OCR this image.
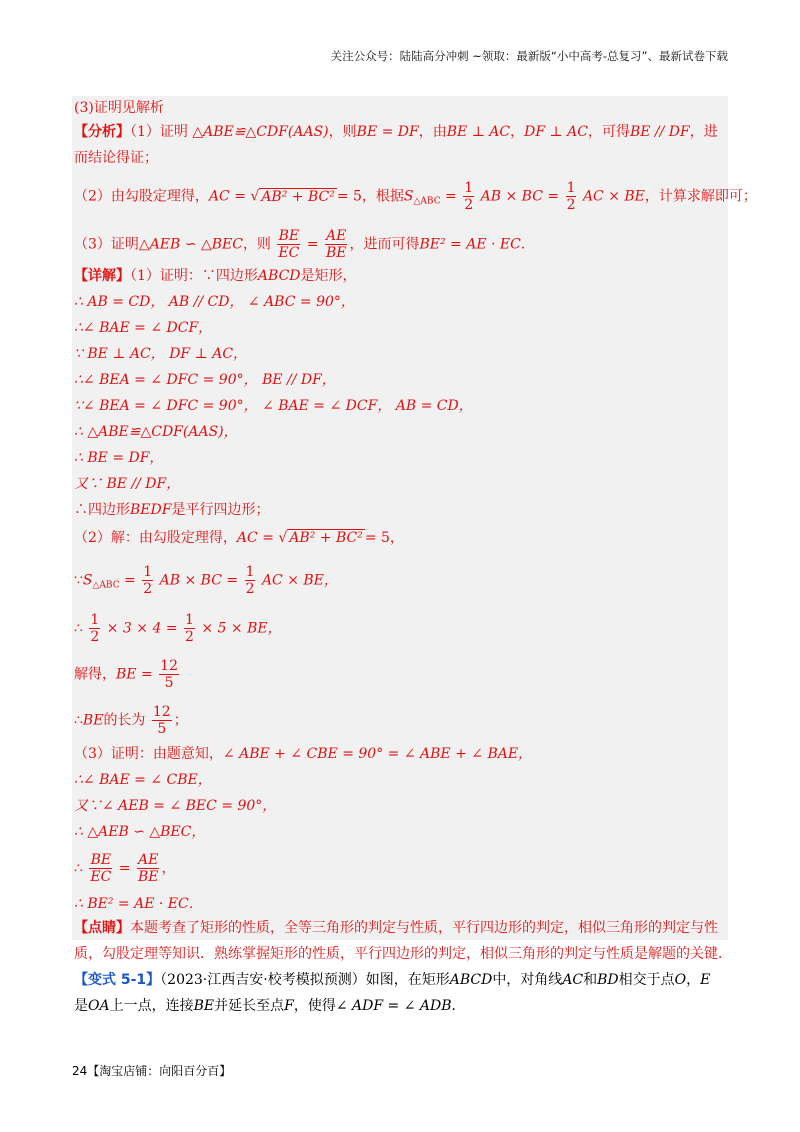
关注公众号：陆陆高分冲刺 ~领取：最新版“小中高考-总复习”、最新试卷下载
(3)证明见解析
【分析】（1）证明 △ABE≌△CDF(AAS)，则BE = DF，由BE ⊥ AC，DF ⊥ AC，可得BE // DF，进
而结论得证；
（2）由勾股定理得，AC = √ AB² + BC² = 5，根据$S_{\triangle ABC} = \frac{1}{2}$ AB × BC = $\frac{1}{2}$ AC × BE，计算求解即可；
（3）证明△AEB ∽ △BEC，则 $\frac{BE}{EC} = \frac{AE}{BE}$ ，进而可得BE² = AE · EC．
【详解】（1）证明：∵四边形ABCD是矩形，
∴ AB = CD， AB // CD， ∠ ABC = 90°，
∴∠ BAE = ∠ DCF，
∵ BE ⊥ AC， DF ⊥ AC，
∴∠ BEA = ∠ DFC = 90°， BE // DF，
∵∠ BEA = ∠ DFC = 90°， ∠ BAE = ∠ DCF， AB = CD，
∴ △ABE≌△CDF(AAS)，
∴ BE = DF，
又∵ BE // DF，
∴四边形BEDF是平行四边形；
（2）解：由勾股定理得，AC = √ AB² + BC² = 5，
$\because S_{\triangle ABC} = \frac{1}{2}$ AB × BC = $\frac{1}{2}$ AC × BE，
∴ $\frac{1}{2} \times 3 \times 4 = \frac{1}{2} \times 5$ × BE，
解得，BE = $\frac{12}{5}$
∴BE的长为 $\frac{12}{5}$ ；
（3）证明：由题意知，∠ ABE + ∠ CBE = 90° = ∠ ABE + ∠ BAE，
∴∠ BAE = ∠ CBE，
又∵∠ AEB = ∠ BEC = 90°，
∴ △AEB ∽ △BEC，
∴ $\frac{BE}{EC} = \frac{AE}{BE}$ ，
∴ BE² = AE · EC．
【点睛】本题考查了矩形的性质，全等三角形的判定与性质，平行四边形的判定，相似三角形的判定与性
质，勾股定理等知识．熟练掌握矩形的性质，平行四边形的判定，相似三角形的判定与性质是解题的关键．
【变式 5-1】（2023·江西吉安·校考模拟预测）如图，在矩形ABCD中，对角线AC和BD相交于点O，E
是OA上一点，连接BE并延长至点F，使得∠ ADF = ∠ ADB．
24【淘宝店铺：向阳百分百】
